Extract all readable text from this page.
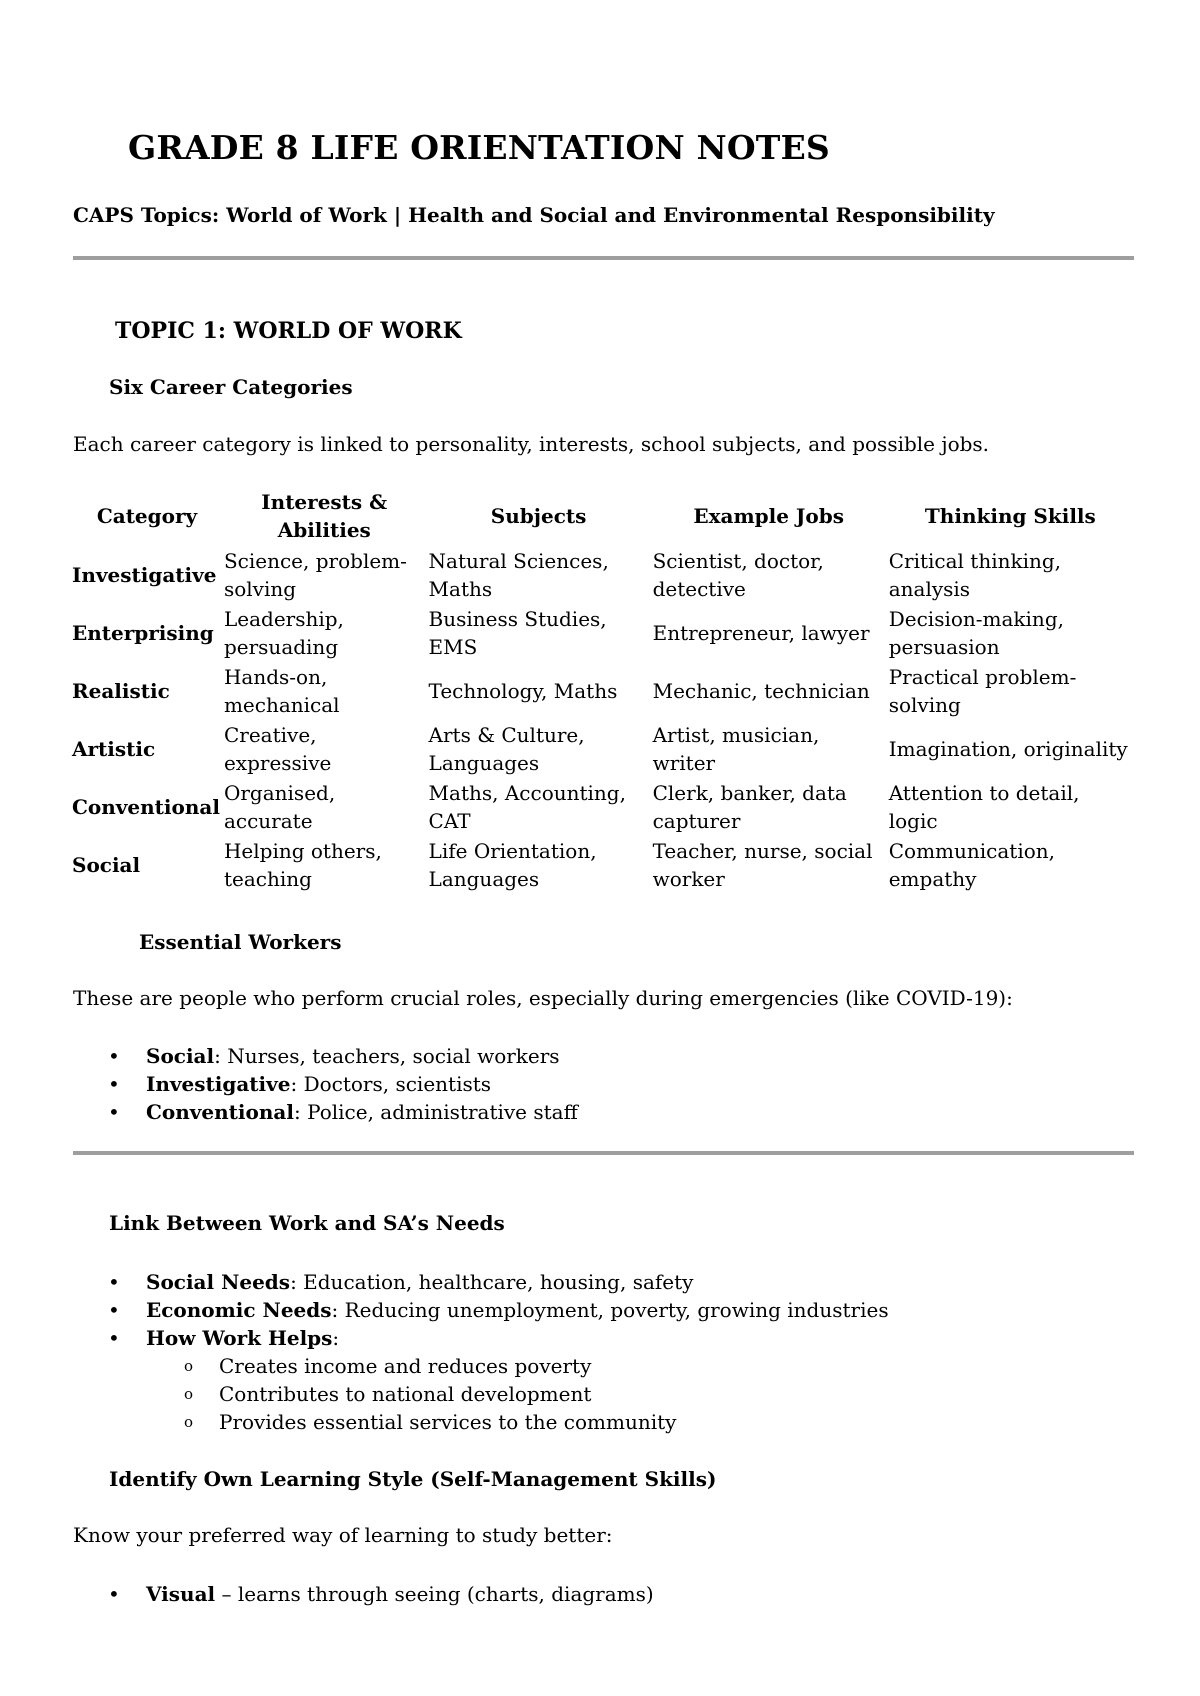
GRADE 8 LIFE ORIENTATION NOTES
CAPS Topics: World of Work | Health and Social and Environmental Responsibility
TOPIC 1: WORLD OF WORK
Six Career Categories
Each career category is linked to personality, interests, school subjects, and possible jobs.
Category	Interests & Abilities	Subjects	Example Jobs	Thinking Skills
Investigative	Science, problem-solving	Natural Sciences, Maths	Scientist, doctor, detective	Critical thinking, analysis
Enterprising	Leadership, persuading	Business Studies, EMS	Entrepreneur, lawyer	Decision-making, persuasion
Realistic	Hands-on, mechanical	Technology, Maths	Mechanic, technician	Practical problem-solving
Artistic	Creative, expressive	Arts & Culture, Languages	Artist, musician, writer	Imagination, originality
Conventional	Organised, accurate	Maths, Accounting, CAT	Clerk, banker, data capturer	Attention to detail, logic
Social	Helping others, teaching	Life Orientation, Languages	Teacher, nurse, social worker	Communication, empathy
Essential Workers
These are people who perform crucial roles, especially during emergencies (like COVID-19):
• Social: Nurses, teachers, social workers
• Investigative: Doctors, scientists
• Conventional: Police, administrative staff
Link Between Work and SA’s Needs
• Social Needs: Education, healthcare, housing, safety
• Economic Needs: Reducing unemployment, poverty, growing industries
• How Work Helps:
o Creates income and reduces poverty
o Contributes to national development
o Provides essential services to the community
Identify Own Learning Style (Self-Management Skills)
Know your preferred way of learning to study better:
• Visual – learns through seeing (charts, diagrams)
